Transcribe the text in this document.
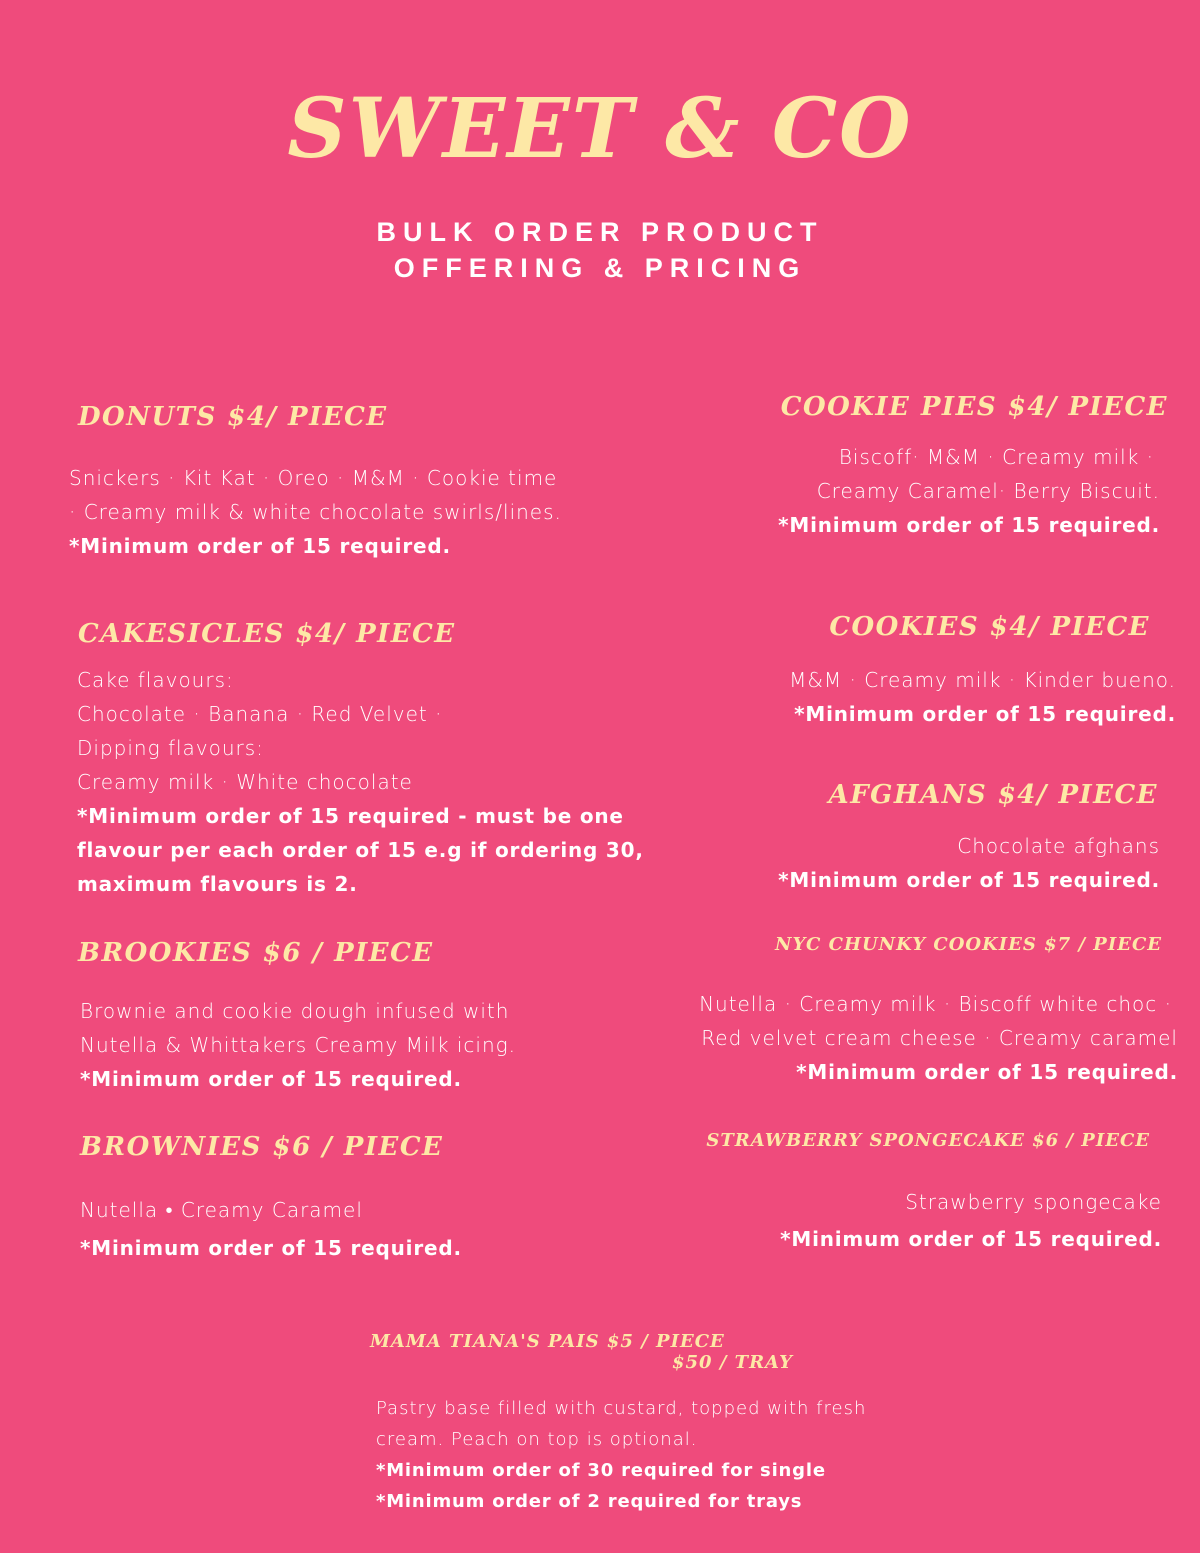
SWEET & CO
BULK ORDER PRODUCT
OFFERING & PRICING
DONUTS $4/ PIECE
Snickers · Kit Kat · Oreo · M&M · Cookie time
· Creamy milk & white chocolate swirls/lines.
*Minimum order of 15 required.
COOKIE PIES $4/ PIECE
Biscoff· M&M · Creamy milk ·
Creamy Caramel· Berry Biscuit.
*Minimum order of 15 required.
CAKESICLES $4/ PIECE
Cake flavours:
Chocolate · Banana · Red Velvet ·
Dipping flavours:
Creamy milk · White chocolate
*Minimum order of 15 required - must be one
flavour per each order of 15 e.g if ordering 30,
maximum flavours is 2.
COOKIES $4/ PIECE
M&M · Creamy milk · Kinder bueno.
*Minimum order of 15 required.
AFGHANS $4/ PIECE
Chocolate afghans
*Minimum order of 15 required.
BROOKIES $6 / PIECE
Brownie and cookie dough infused with
Nutella & Whittakers Creamy Milk icing.
*Minimum order of 15 required.
NYC CHUNKY COOKIES $7 / PIECE
Nutella · Creamy milk · Biscoff white choc ·
Red velvet cream cheese · Creamy caramel
*Minimum order of 15 required.
BROWNIES $6 / PIECE
Nutella • Creamy Caramel
*Minimum order of 15 required.
STRAWBERRY SPONGECAKE $6 / PIECE
Strawberry spongecake
*Minimum order of 15 required.
MAMA TIANA'S PAIS $5 / PIECE
$50 / TRAY
Pastry base filled with custard, topped with fresh
cream. Peach on top is optional.
*Minimum order of 30 required for single
*Minimum order of 2 required for trays
